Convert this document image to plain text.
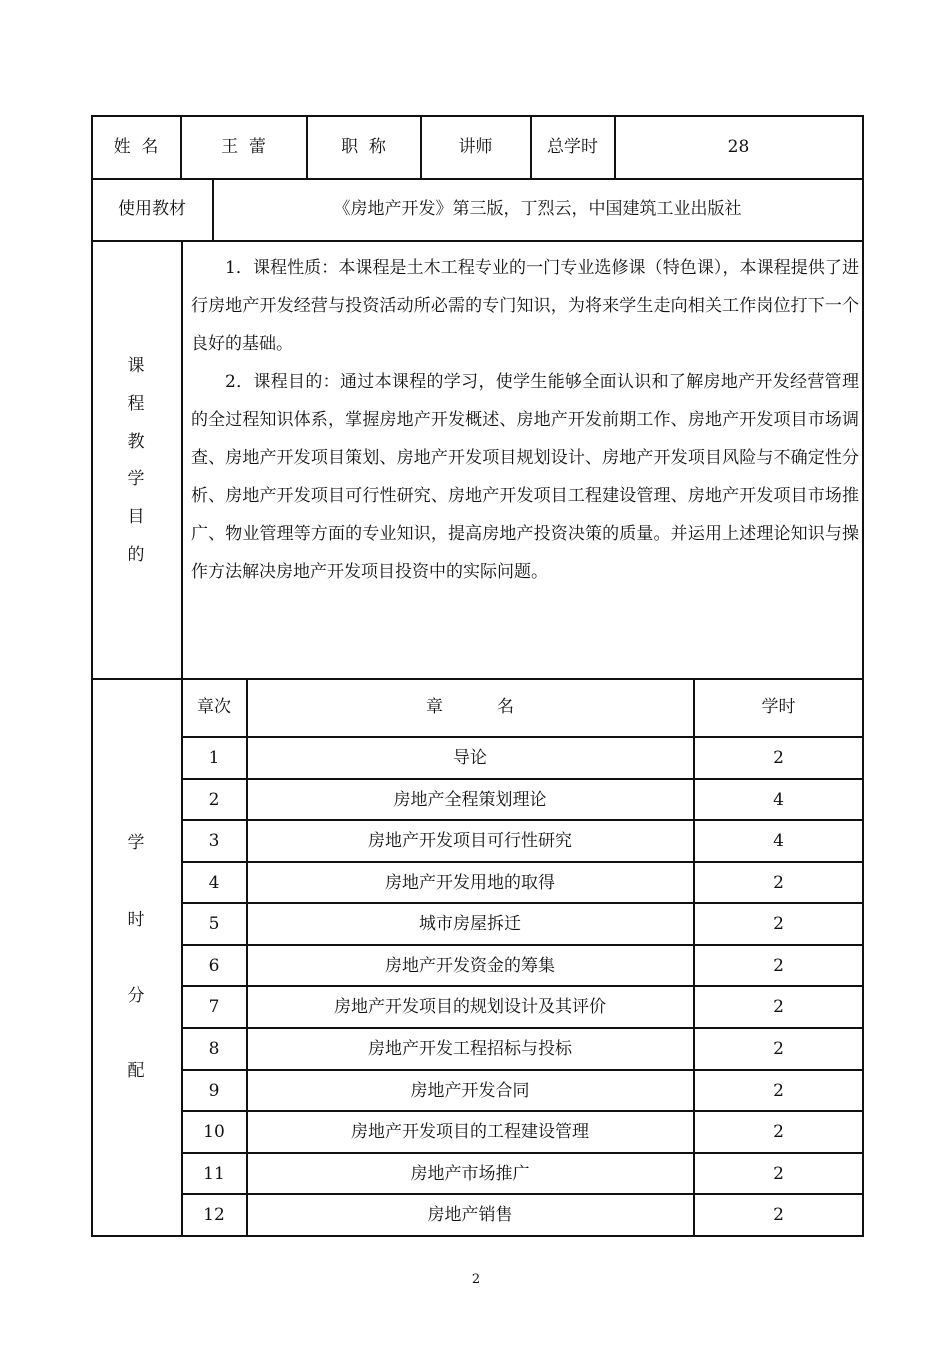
姓  名	王  蕾	职  称	讲师	总学时	28
使用教材	《房地产开发》第三版，丁烈云，中国建筑工业出版社
课
程
教
学
目
的
1．课程性质：本课程是土木工程专业的一门专业选修课（特色课），本课程提供了进行房地产开发经营与投资活动所必需的专门知识，为将来学生走向相关工作岗位打下一个良好的基础。
2．课程目的：通过本课程的学习，使学生能够全面认识和了解房地产开发经营管理的全过程知识体系，掌握房地产开发概述、房地产开发前期工作、房地产开发项目市场调查、房地产开发项目策划、房地产开发项目规划设计、房地产开发项目风险与不确定性分析、房地产开发项目可行性研究、房地产开发项目工程建设管理、房地产开发项目市场推广、物业管理等方面的专业知识，提高房地产投资决策的质量。并运用上述理论知识与操作方法解决房地产开发项目投资中的实际问题。
学
时
分
配
章次	章          名	学时
1	导论	2
2	房地产全程策划理论	4
3	房地产开发项目可行性研究	4
4	房地产开发用地的取得	2
5	城市房屋拆迁	2
6	房地产开发资金的筹集	2
7	房地产开发项目的规划设计及其评价	2
8	房地产开发工程招标与投标	2
9	房地产开发合同	2
10	房地产开发项目的工程建设管理	2
11	房地产市场推广	2
12	房地产销售	2
2
